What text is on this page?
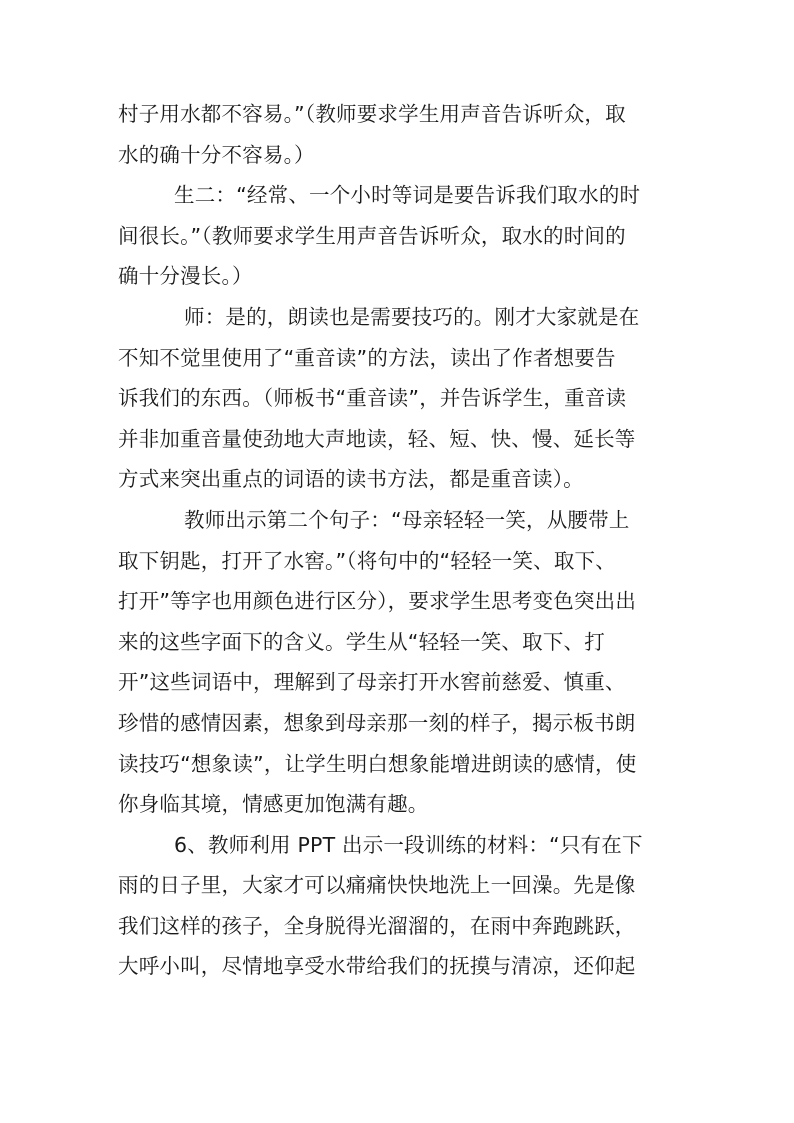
村子用水都不容易。”（教师要求学生用声音告诉听众，取
水的确十分不容易。）
生二：“经常、一个小时等词是要告诉我们取水的时
间很长。”（教师要求学生用声音告诉听众，取水的时间的
确十分漫长。）
师：是的，朗读也是需要技巧的。刚才大家就是在
不知不觉里使用了“重音读”的方法，读出了作者想要告
诉我们的东西。（师板书“重音读”，并告诉学生，重音读
并非加重音量使劲地大声地读，轻、短、快、慢、延长等
方式来突出重点的词语的读书方法，都是重音读）。
教师出示第二个句子：“母亲轻轻一笑，从腰带上
取下钥匙，打开了水窖。”（将句中的“轻轻一笑、取下、
打开”等字也用颜色进行区分），要求学生思考变色突出出
来的这些字面下的含义。学生从“轻轻一笑、取下、打
开”这些词语中，理解到了母亲打开水窖前慈爱、慎重、
珍惜的感情因素，想象到母亲那一刻的样子，揭示板书朗
读技巧“想象读”，让学生明白想象能增进朗读的感情，使
你身临其境，情感更加饱满有趣。
6、教师利用 PPT 出示一段训练的材料：“只有在下
雨的日子里，大家才可以痛痛快快地洗上一回澡。先是像
我们这样的孩子，全身脱得光溜溜的，在雨中奔跑跳跃，
大呼小叫，尽情地享受水带给我们的抚摸与清凉，还仰起
